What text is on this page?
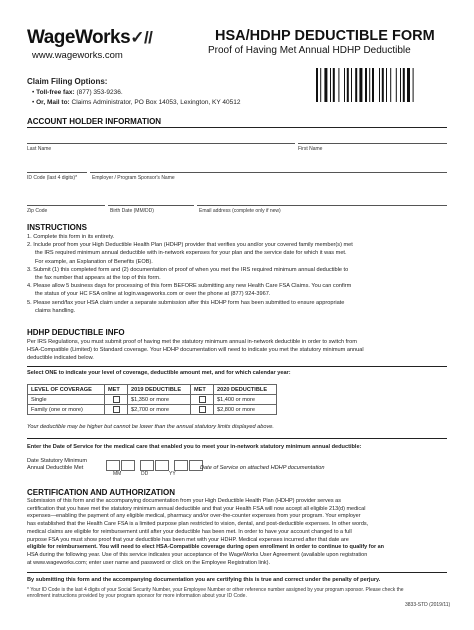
WageWorks✓//
www.wageworks.com
HSA/HDHP DEDUCTIBLE FORM
Proof of Having Met Annual HDHP Deductible
Claim Filing Options:
• Toll-free fax: (877) 353-9236.
• Or, Mail to: Claims Administrator, PO Box 14053, Lexington, KY 40512
ACCOUNT HOLDER INFORMATION
Last Name	First Name
ID Code (last 4 digits)*	Employer / Program Sponsor's Name
Zip Code	Birth Date (MM/DD)	Email address (complete only if new)
INSTRUCTIONS
1. Complete this form in its entirety.
2. Include proof from your High Deductible Health Plan (HDHP) provider that verifies you and/or your covered family member(s) met
the IRS required minimum annual deductible with in-network expenses for your plan and the service date for which it was met.
For example, an Explanation of Benefits (EOB).
3. Submit (1) this completed form and (2) documentation of proof of when you met the IRS required minimum annual deductible to
the fax number that appears at the top of this form.
4. Please allow 5 business days for processing of this form BEFORE submitting any new Health Care FSA Claims. You can confirm
the status of your HC FSA online at login.wageworks.com or over the phone at (877) 924-3967.
5. Please send/fax your HSA claim under a separate submission after this HDHP form has been submitted to ensure appropriate
claims handling.
HDHP DEDUCTIBLE INFO
Per IRS Regulations, you must submit proof of having met the statutory minimum annual in-network deductible in order to switch from
HSA-Compatible (Limited) to Standard coverage. Your HDHP documentation will need to indicate you met the statutory minimum annual
deductible indicated below.
Select ONE to indicate your level of coverage, deductible amount met, and for which calendar year:
LEVEL OF COVERAGE	MET	2019 DEDUCTIBLE	MET	2020 DEDUCTIBLE
Single		$1,350 or more		$1,400 or more
Family (one or more)		$2,700 or more		$2,800 or more
Your deductible may be higher but cannot be lower than the annual statutory limits displayed above.
Enter the Date of Service for the medical care that enabled you to meet your in-network statutory minimum annual deductible:
Date Statutory Minimum
Annual Deductible Met
MM	DD	YY
Date of Service on attached HDHP documentation
CERTIFICATION AND AUTHORIZATION
Submission of this form and the accompanying documentation from your High Deductible Health Plan (HDHP) provider serves as
certification that you have met the statutory minimum annual deductible and that your Health FSA will now accept all eligible 213(d) medical
expenses—enabling the payment of any eligible medical, pharmacy and/or over-the-counter expenses from your program. Your employer
has established that the Health Care FSA is a limited purpose plan restricted to vision, dental, and post-deductible expenses. In other words,
medical claims are eligible for reimbursement until after your deductible has been met. In order to have your account changed to a full
purpose FSA you must show proof that your deductible has been met with your HDHP. Medical expenses incurred after that date are
eligible for reimbursement. You will need to elect HSA-Compatible coverage during open enrollment in order to continue to qualify for an
HSA during the following year. Use of this service indicates your acceptance of the WageWorks User Agreement (available upon registration
at www.wageworks.com; enter user name and password or click on the Employee Registration link).
By submitting this form and the accompanying documentation you are certifying this is true and correct under the penalty of perjury.
* Your ID Code is the last 4 digits of your Social Security Number, your Employee Number or other reference number assigned by your program sponsor. Please check the
enrollment instructions provided by your program sponsor for more information about your ID Code.
3833-STD (2019/11)
